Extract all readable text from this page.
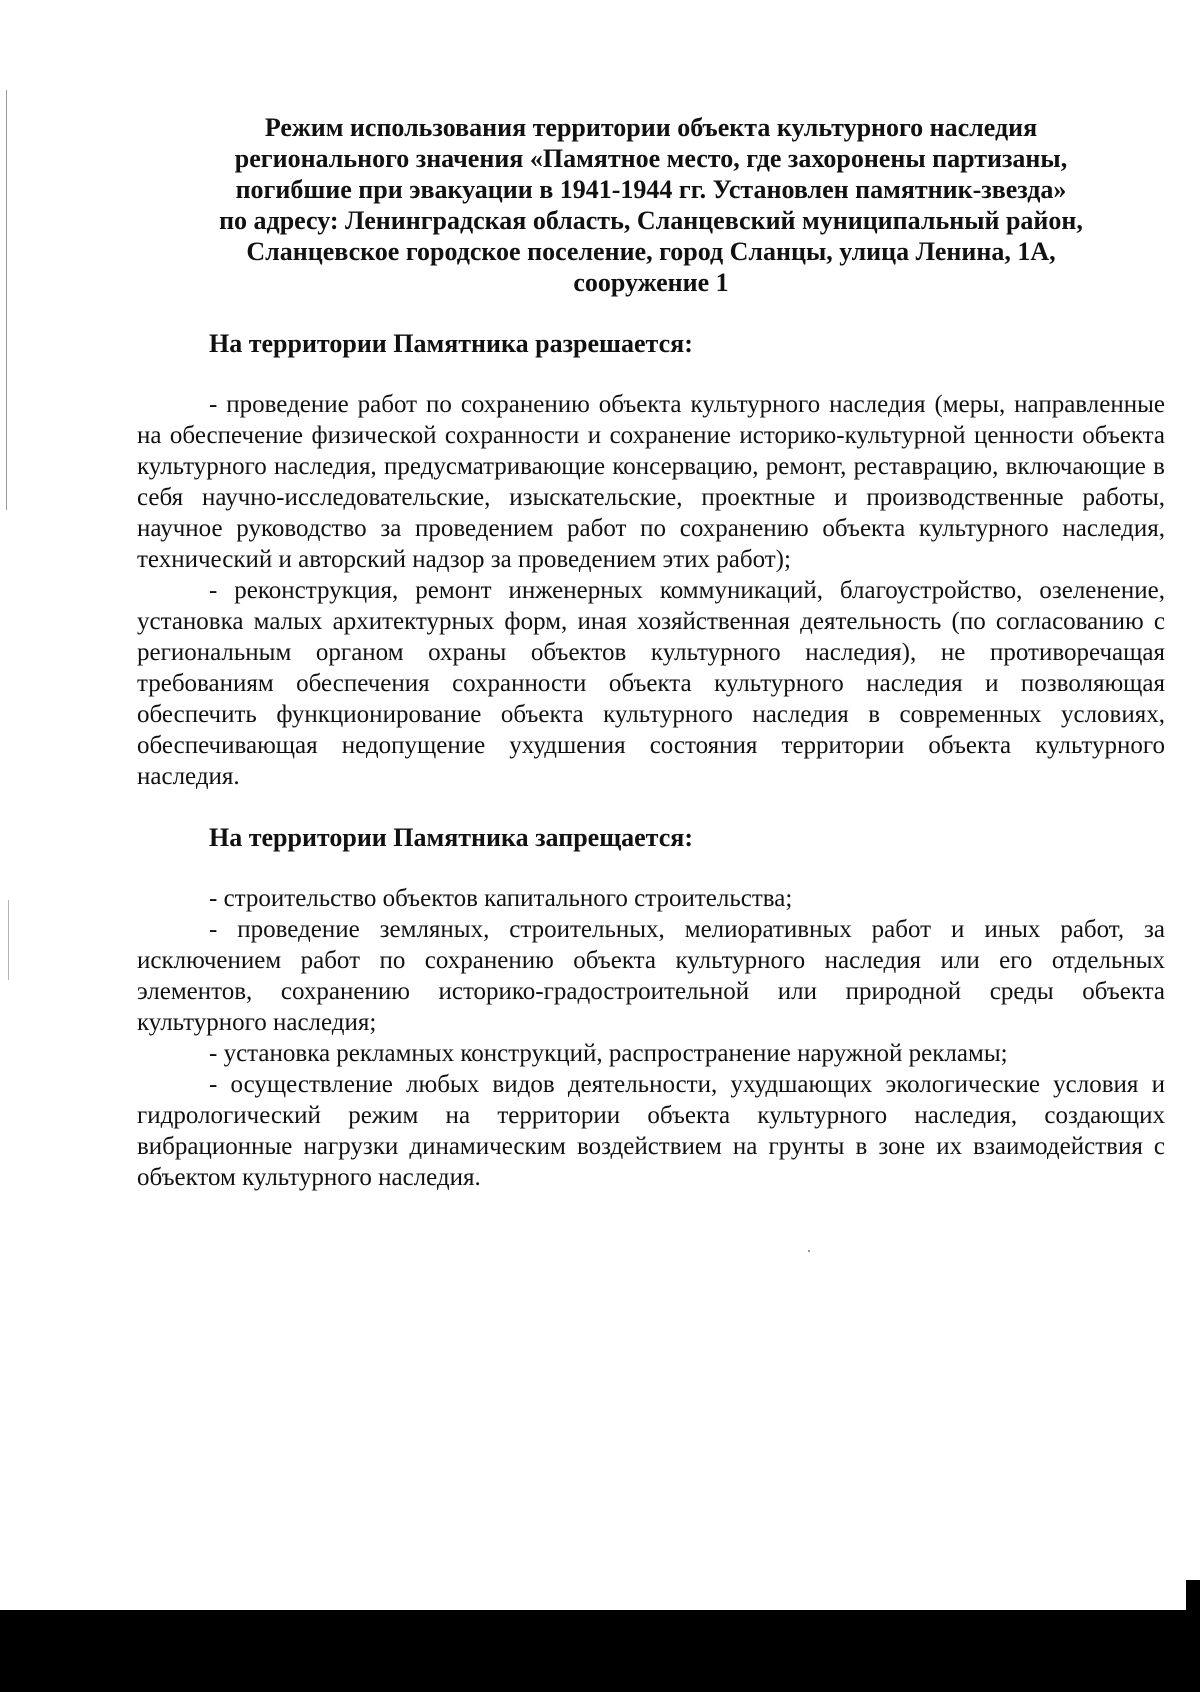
Режим использования территории объекта культурного наследия
регионального значения «Памятное место, где захоронены партизаны,
погибшие при эвакуации в 1941-1944 гг. Установлен памятник-звезда»
по адресу: Ленинградская область, Сланцевский муниципальный район,
Сланцевское городское поселение, город Сланцы, улица Ленина, 1А,
сооружение 1
На территории Памятника разрешается:

- проведение работ по сохранению объекта культурного наследия (меры, направленные на обеспечение физической сохранности и сохранение историко-культурной ценности объекта культурного наследия, предусматривающие консервацию, ремонт, реставрацию, включающие в себя научно-исследовательские, изыскательские, проектные и производственные работы, научное руководство за проведением работ по сохранению объекта культурного наследия, технический и авторский надзор за проведением этих работ);

- реконструкция, ремонт инженерных коммуникаций, благоустройство, озеленение, установка малых архитектурных форм, иная хозяйственная деятельность (по согласованию с региональным органом охраны объектов культурного наследия), не противоречащая требованиям обеспечения сохранности объекта культурного наследия и позволяющая обеспечить функционирование объекта культурного наследия в современных условиях, обеспечивающая недопущение ухудшения состояния территории объекта культурного наследия.

На территории Памятника запрещается:

- строительство объектов капитального строительства;

- проведение земляных, строительных, мелиоративных работ и иных работ, за исключением работ по сохранению объекта культурного наследия или его отдельных элементов, сохранению историко-градостроительной или природной среды объекта культурного наследия;

- установка рекламных конструкций, распространение наружной рекламы;

- осуществление любых видов деятельности, ухудшающих экологические условия и гидрологический режим на территории объекта культурного наследия, создающих вибрационные нагрузки динамическим воздействием на грунты в зоне их взаимодействия с объектом культурного наследия.
